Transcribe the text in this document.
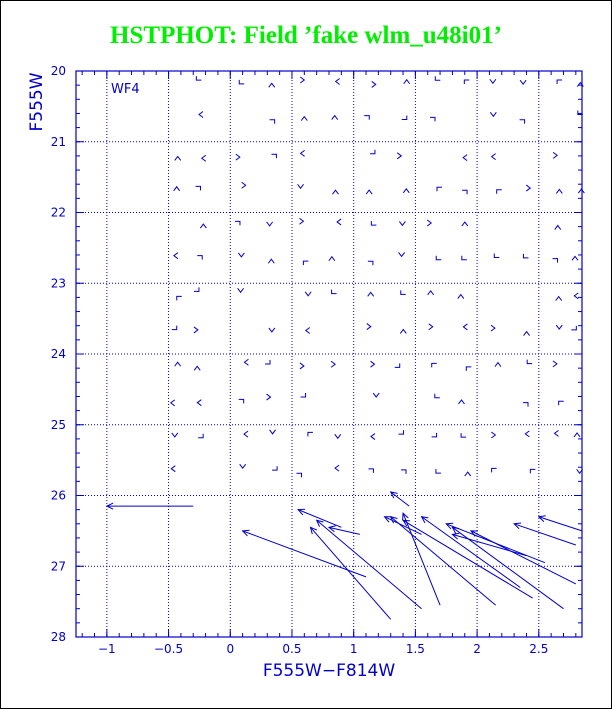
HSTPHOT: Field ’fake wlm_u48i01’
−1	−0.5	0	0.5	1	1.5	2	2.5
20
21
22
23
24
25
26
27
28
F555W−F814W
F555W	WF4
